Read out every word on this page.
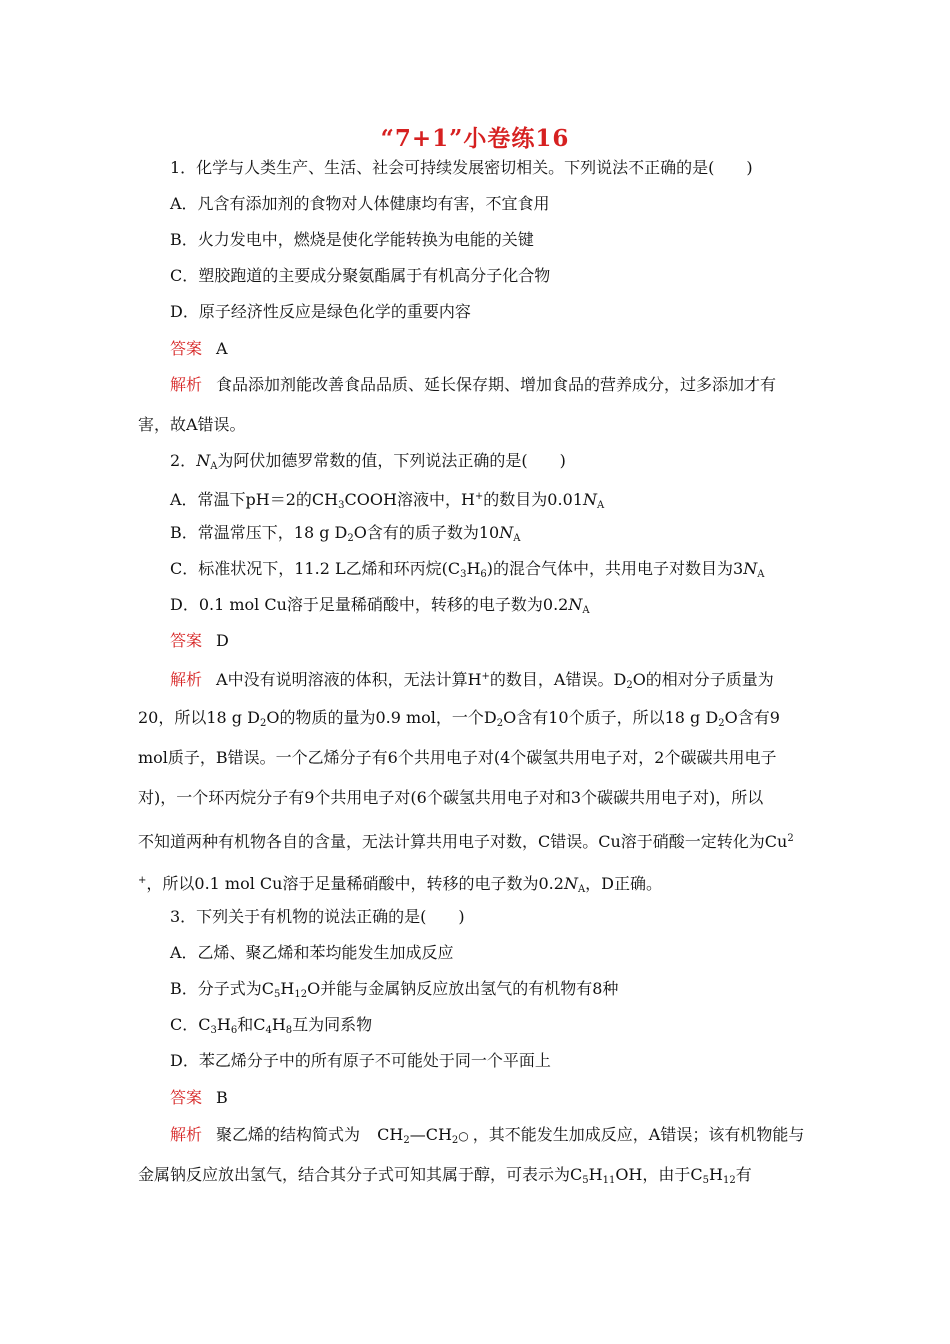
“7+1”小卷练16
1．化学与人类生产、生活、社会可持续发展密切相关。下列说法不正确的是(　　)
A．凡含有添加剂的食物对人体健康均有害，不宜食用
B．火力发电中，燃烧是使化学能转换为电能的关键
C．塑胶跑道的主要成分聚氨酯属于有机高分子化合物
D．原子经济性反应是绿色化学的重要内容
答案 A
解析 食品添加剂能改善食品品质、延长保存期、增加食品的营养成分，过多添加才有
害，故A错误。
2．$N_A$为阿伏加德罗常数的值，下列说法正确的是(　　)
A．常温下pH＝2的$CH_3COOH$溶液中，H+的数目为$0.01N_A$
B．常温常压下，18 g $D_2O$含有的质子数为$10N_A$
C．标准状况下，11.2 L乙烯和环丙烷$(C_3H_6)$的混合气体中，共用电子对数目为$3N_A$
D．0.1 mol Cu溶于足量稀硝酸中，转移的电子数为$0.2N_A$
答案 D
解析 A中没有说明溶液的体积，无法计算H+的数目，A错误。$D_2O$的相对分子质量为
20，所以18 g $D_2O$的物质的量为0.9 mol，一个$D_2O$含有10个质子，所以18 g $D_2O$含有9
mol质子，B错误。一个乙烯分子有6个共用电子对(4个碳氢共用电子对，2个碳碳共用电子
对)，一个环丙烷分子有9个共用电子对(6个碳氢共用电子对和3个碳碳共用电子对)，所以
不知道两种有机物各自的含量，无法计算共用电子对数，C错误。Cu溶于硝酸一定转化为Cu$^2$
+，所以0.1 mol Cu溶于足量稀硝酸中，转移的电子数为$0.2N_A$，D正确。
3．下列关于有机物的说法正确的是(　　)
A．乙烯、聚乙烯和苯均能发生加成反应
B．分子式为$C_5H_{12}O$并能与金属钠反应放出氢气的有机物有8种
C．$C_3H_6$和$C_4H_8$互为同系物
D．苯乙烯分子中的所有原子不可能处于同一个平面上
答案 B
解析 聚乙烯的结构简式为 $CH_2—CH_2○$ ，其不能发生加成反应，A错误；该有机物能与
金属钠反应放出氢气，结合其分子式可知其属于醇，可表示为$C_5H_{11}OH$，由于$C_5H_{12}$有
